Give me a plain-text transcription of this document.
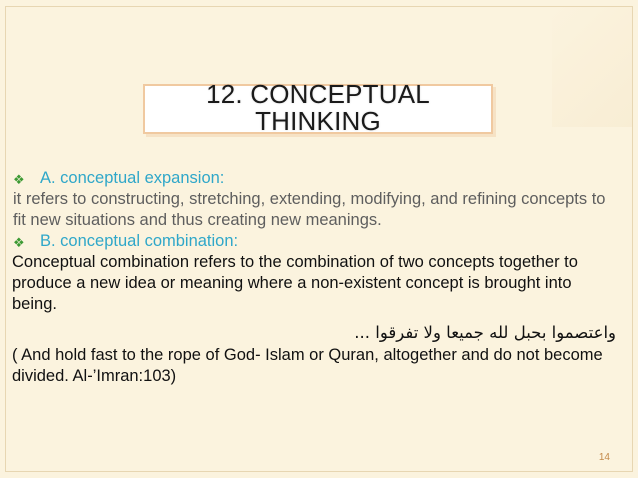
12. CONCEPTUAL
THINKING
❖ A. conceptual expansion:
it refers to constructing, stretching, extending, modifying, and refining concepts to fit new situations and thus creating new meanings.
❖ B. conceptual combination:
Conceptual combination refers to the combination of two concepts together to produce a new idea or meaning where a non-existent concept is brought into being.
واعتصموا بحبل لله جميعا ولا تفرقوا ...
( And hold fast to the rope of God- Islam or Quran, altogether and do not become divided. Al-’Imran:103)
14
